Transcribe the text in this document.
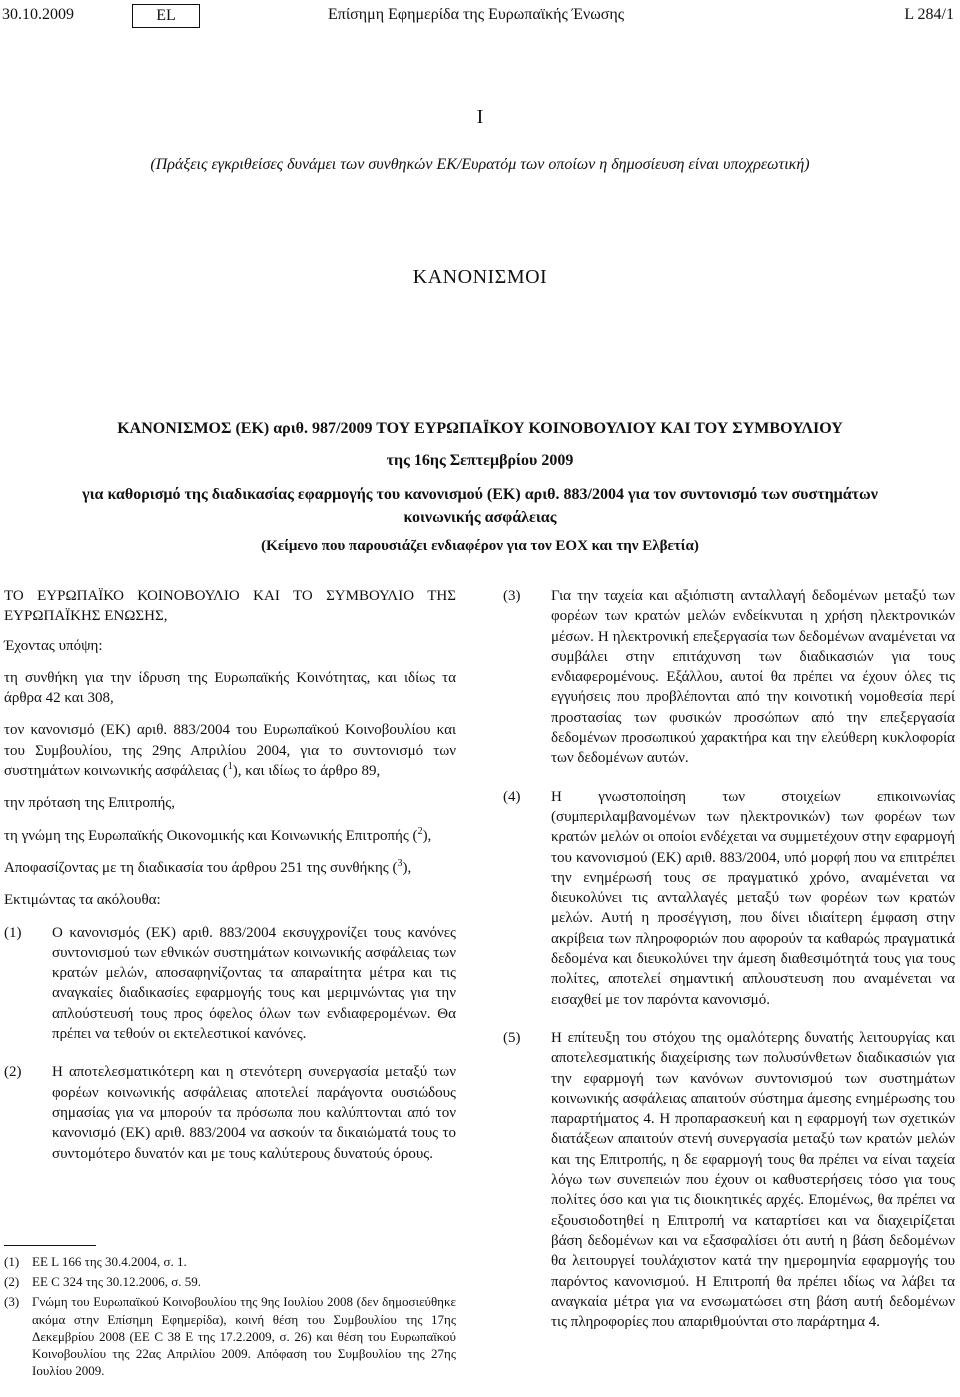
30.10.2009	EL	Επίσημη Εφημερίδα της Ευρωπαϊκής Ένωσης	L 284/1
I
(Πράξεις εγκριθείσες δυνάμει των συνθηκών ΕΚ/Ευρατόμ των οποίων η δημοσίευση είναι υποχρεωτική)
ΚΑΝΟΝΙΣΜΟΙ
ΚΑΝΟΝΙΣΜΟΣ (ΕΚ) αριθ. 987/2009 ΤΟΥ ΕΥΡΩΠΑΪΚΟΥ ΚΟΙΝΟΒΟΥΛΙΟΥ ΚΑΙ ΤΟΥ ΣΥΜΒΟΥΛΙΟΥ
της 16ης Σεπτεμβρίου 2009
για καθορισμό της διαδικασίας εφαρμογής του κανονισμού (ΕΚ) αριθ. 883/2004 για τον συντονισμό των συστημάτων κοινωνικής ασφάλειας
(Κείμενο που παρουσιάζει ενδιαφέρον για τον ΕΟΧ και την Ελβετία)

ΤΟ ΕΥΡΩΠΑΪΚΟ ΚΟΙΝΟΒΟΥΛΙΟ ΚΑΙ ΤΟ ΣΥΜΒΟΥΛΙΟ ΤΗΣ ΕΥΡΩΠΑΪΚΗΣ ΕΝΩΣΗΣ,

Έχοντας υπόψη:

τη συνθήκη για την ίδρυση της Ευρωπαϊκής Κοινότητας, και ιδίως τα άρθρα 42 και 308,

τον κανονισμό (ΕΚ) αριθ. 883/2004 του Ευρωπαϊκού Κοινοβουλίου και του Συμβουλίου, της 29ης Απριλίου 2004, για το συντονισμό των συστημάτων κοινωνικής ασφάλειας ($^1$), και ιδίως το άρθρο 89,

την πρόταση της Επιτροπής,

τη γνώμη της Ευρωπαϊκής Οικονομικής και Κοινωνικής Επιτροπής ($^2$),

Αποφασίζοντας με τη διαδικασία του άρθρου 251 της συνθήκης ($^3$),

Εκτιμώντας τα ακόλουθα:

(1) Ο κανονισμός (ΕΚ) αριθ. 883/2004 εκσυγχρονίζει τους κανόνες συντονισμού των εθνικών συστημάτων κοινωνικής ασφάλειας των κρατών μελών, αποσαφηνίζοντας τα απαραίτητα μέτρα και τις αναγκαίες διαδικασίες εφαρμογής τους και μεριμνώντας για την απλούστευσή τους προς όφελος όλων των ενδιαφερομένων. Θα πρέπει να τεθούν οι εκτελεστικοί κανόνες.
(2) Η αποτελεσματικότερη και η στενότερη συνεργασία μεταξύ των φορέων κοινωνικής ασφάλειας αποτελεί παράγοντα ουσιώδους σημασίας για να μπορούν τα πρόσωπα που καλύπτονται από τον κανονισμό (ΕΚ) αριθ. 883/2004 να ασκούν τα δικαιώματά τους το συντομότερο δυνατόν και με τους καλύτερους δυνατούς όρους.
(1) ΕΕ L 166 της 30.4.2004, σ. 1.
(2) ΕΕ C 324 της 30.12.2006, σ. 59.
(3) Γνώμη του Ευρωπαϊκού Κοινοβουλίου της 9ης Ιουλίου 2008 (δεν δημοσιεύθηκε ακόμα στην Επίσημη Εφημερίδα), κοινή θέση του Συμβουλίου της 17ης Δεκεμβρίου 2008 (ΕΕ C 38 E της 17.2.2009, σ. 26) και θέση του Ευρωπαϊκού Κοινοβουλίου της 22ας Απριλίου 2009. Απόφαση του Συμβουλίου της 27ης Ιουλίου 2009.
(3) Για την ταχεία και αξιόπιστη ανταλλαγή δεδομένων μεταξύ των φορέων των κρατών μελών ενδείκνυται η χρήση ηλεκτρονικών μέσων. Η ηλεκτρονική επεξεργασία των δεδομένων αναμένεται να συμβάλει στην επιτάχυνση των διαδικασιών για τους ενδιαφερομένους. Εξάλλου, αυτοί θα πρέπει να έχουν όλες τις εγγυήσεις που προβλέπονται από την κοινοτική νομοθεσία περί προστασίας των φυσικών προσώπων από την επεξεργασία δεδομένων προσωπικού χαρακτήρα και την ελεύθερη κυκλοφορία των δεδομένων αυτών.
(4) Η γνωστοποίηση των στοιχείων επικοινωνίας (συμπεριλαμβανομένων των ηλεκτρονικών) των φορέων των κρατών μελών οι οποίοι ενδέχεται να συμμετέχουν στην εφαρμογή του κανονισμού (ΕΚ) αριθ. 883/2004, υπό μορφή που να επιτρέπει την ενημέρωσή τους σε πραγματικό χρόνο, αναμένεται να διευκολύνει τις ανταλλαγές μεταξύ των φορέων των κρατών μελών. Αυτή η προσέγγιση, που δίνει ιδιαίτερη έμφαση στην ακρίβεια των πληροφοριών που αφορούν τα καθαρώς πραγματικά δεδομένα και διευκολύνει την άμεση διαθεσιμότητά τους για τους πολίτες, αποτελεί σημαντική απλουστευση που αναμένεται να εισαχθεί με τον παρόντα κανονισμό.
(5) Η επίτευξη του στόχου της ομαλότερης δυνατής λειτουργίας και αποτελεσματικής διαχείρισης των πολυσύνθετων διαδικασιών για την εφαρμογή των κανόνων συντονισμού των συστημάτων κοινωνικής ασφάλειας απαιτούν σύστημα άμεσης ενημέρωσης του παραρτήματος 4. Η προπαρασκευή και η εφαρμογή των σχετικών διατάξεων απαιτούν στενή συνεργασία μεταξύ των κρατών μελών και της Επιτροπής, η δε εφαρμογή τους θα πρέπει να είναι ταχεία λόγω των συνεπειών που έχουν οι καθυστερήσεις τόσο για τους πολίτες όσο και για τις διοικητικές αρχές. Επομένως, θα πρέπει να εξουσιοδοτηθεί η Επιτροπή να καταρτίσει και να διαχειρίζεται βάση δεδομένων και να εξασφαλίσει ότι αυτή η βάση δεδομένων θα λειτουργεί τουλάχιστον κατά την ημερομηνία εφαρμογής του παρόντος κανονισμού. Η Επιτροπή θα πρέπει ιδίως να λάβει τα αναγκαία μέτρα για να ενσωματώσει στη βάση αυτή δεδομένων τις πληροφορίες που απαριθμούνται στο παράρτημα 4.
